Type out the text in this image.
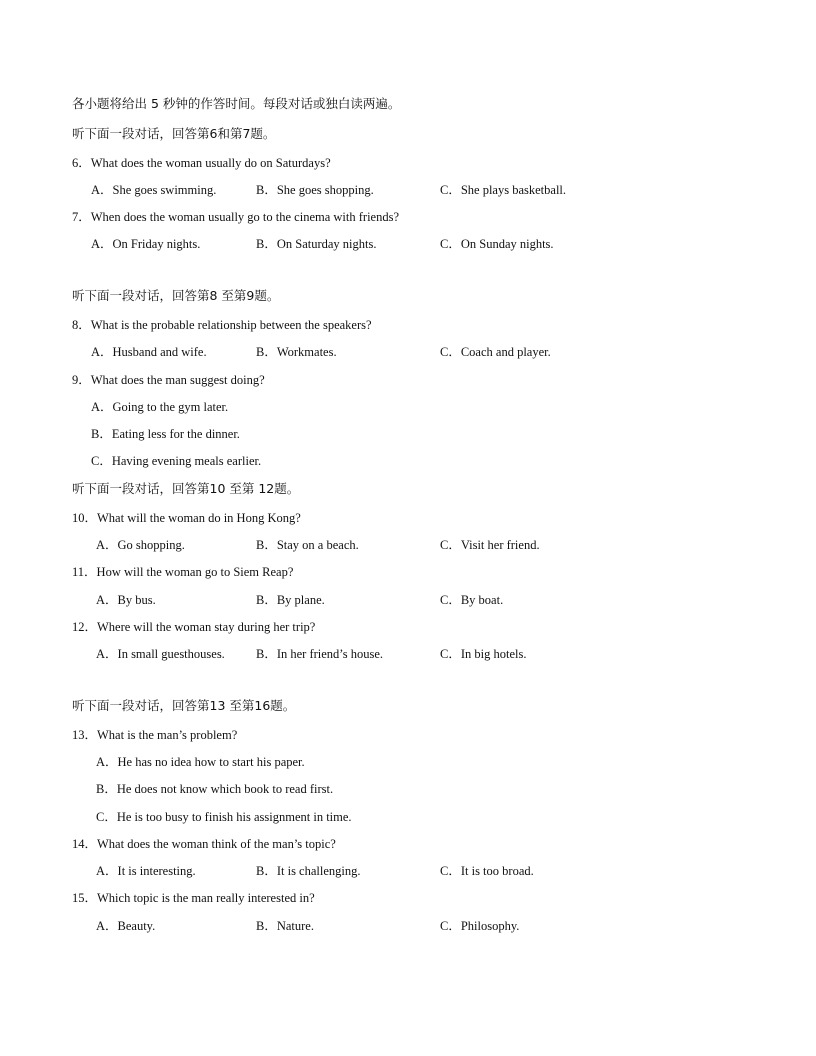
各小题将给出 5 秒钟的作答时间。每段对话或独白读两遍。
听下面一段对话，回答第6和第7题。
6．What does the woman usually do on Saturdays?
A．She goes swimming.	B．She goes shopping.	C．She plays basketball.
7．When does the woman usually go to the cinema with friends?
A．On Friday nights.	B．On Saturday nights.	C．On Sunday nights.
听下面一段对话，回答第8 至第9题。
8．What is the probable relationship between the speakers?
A．Husband and wife.	B．Workmates.	C．Coach and player.
9．What does the man suggest doing?
A．Going to the gym later.
B．Eating less for the dinner.
C．Having evening meals earlier.
听下面一段对话，回答第10 至第 12题。
10．What will the woman do in Hong Kong?
A．Go shopping.	B．Stay on a beach.	C．Visit her friend.
11．How will the woman go to Siem Reap?
A．By bus.	B．By plane.	C．By boat.
12．Where will the woman stay during her trip?
A．In small guesthouses. B．In her friend’s house.	C．In big hotels.
听下面一段对话，回答第13 至第16题。
13．What is the man’s problem?
A．He has no idea how to start his paper.
B．He does not know which book to read first.
C．He is too busy to finish his assignment in time.
14．What does the woman think of the man’s topic?
A．It is interesting.	B．It is challenging.	C．It is too broad.
15．Which topic is the man really interested in?
A．Beauty.	B．Nature.	C．Philosophy.
